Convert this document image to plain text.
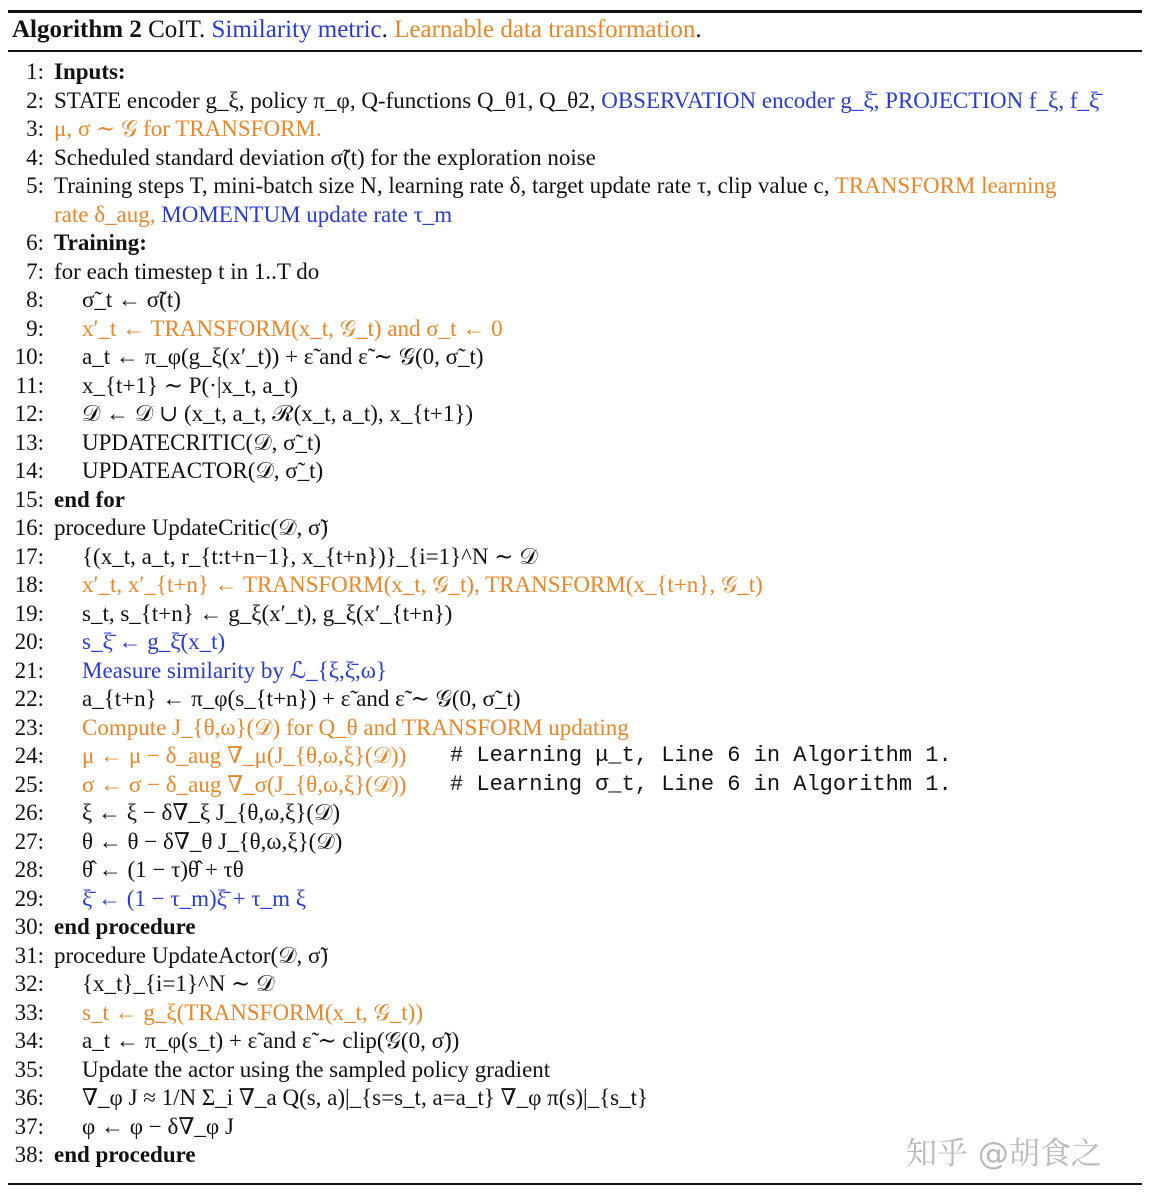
Algorithm 2 CoIT. Similarity metric. Learnable data transformation.
1: Inputs:
2: STATE encoder g_ξ, policy π_φ, Q-functions Q_θ1, Q_θ2, OBSERVATION encoder g_ξ̄, PROJECTION f_ξ, f_ξ̄
3: μ, σ ∼ 𝒢 for TRANSFORM.
4: Scheduled standard deviation σ̃(t) for the exploration noise
5: Training steps T, mini-batch size N, learning rate δ, target update rate τ, clip value c, TRANSFORM learning
rate δ_aug, MOMENTUM update rate τ_m
6: Training:
7: for each timestep t in 1..T do
8: σ̃_t ← σ̃(t)
9: x′_t ← TRANSFORM(x_t, 𝒢_t) and σ_t ← 0
10: a_t ← π_φ(g_ξ(x′_t)) + ε̃ and ε̃ ∼ 𝒢(0, σ̃_t)
11: x_{t+1} ∼ P(·|x_t, a_t)
12: 𝒟 ← 𝒟 ∪ (x_t, a_t, ℛ(x_t, a_t), x_{t+1})
13: UPDATECRITIC(𝒟, σ̃_t)
14: UPDATEACTOR(𝒟, σ̃_t)
15: end for
16: procedure UpdateCritic(𝒟, σ̃)
17: {(x_t, a_t, r_{t:t+n−1}, x_{t+n})}_{i=1}^N ∼ 𝒟
18: x′_t, x′_{t+n} ← TRANSFORM(x_t, 𝒢_t), TRANSFORM(x_{t+n}, 𝒢_t)
19: s_t, s_{t+n} ← g_ξ(x′_t), g_ξ(x′_{t+n})
20: s_ξ̄ ← g_ξ̄(x_t)
21: Measure similarity by ℒ_{ξ,ξ̄,ω}
22: a_{t+n} ← π_φ(s_{t+n}) + ε̃ and ε̃ ∼ 𝒢(0, σ̃_t)
23: Compute J_{θ,ω}(𝒟) for Q_θ and TRANSFORM updating
24: μ ← μ − δ_aug ∇_μ(J_{θ,ω,ξ}(𝒟)) # Learning μ_t, Line 6 in Algorithm 1.
25: σ ← σ − δ_aug ∇_σ(J_{θ,ω,ξ}(𝒟)) # Learning σ_t, Line 6 in Algorithm 1.
26: ξ ← ξ − δ∇_ξ J_{θ,ω,ξ}(𝒟)
27: θ ← θ − δ∇_θ J_{θ,ω,ξ}(𝒟)
28: θ̂ ← (1 − τ)θ̂ + τθ
29: ξ̄ ← (1 − τ_m)ξ̄ + τ_m ξ
30: end procedure
31: procedure UpdateActor(𝒟, σ̃)
32: {x_t}_{i=1}^N ∼ 𝒟
33: s_t ← g_ξ(TRANSFORM(x_t, 𝒢_t))
34: a_t ← π_φ(s_t) + ε̃ and ε̃ ∼ clip(𝒢(0, σ̃))
35: Update the actor using the sampled policy gradient
36: ∇_φ J ≈ 1/N Σ_i ∇_a Q(s, a)|_{s=s_t, a=a_t} ∇_φ π(s)|_{s_t}
37: φ ← φ − δ∇_φ J
38: end procedure	知乎 @胡食之
